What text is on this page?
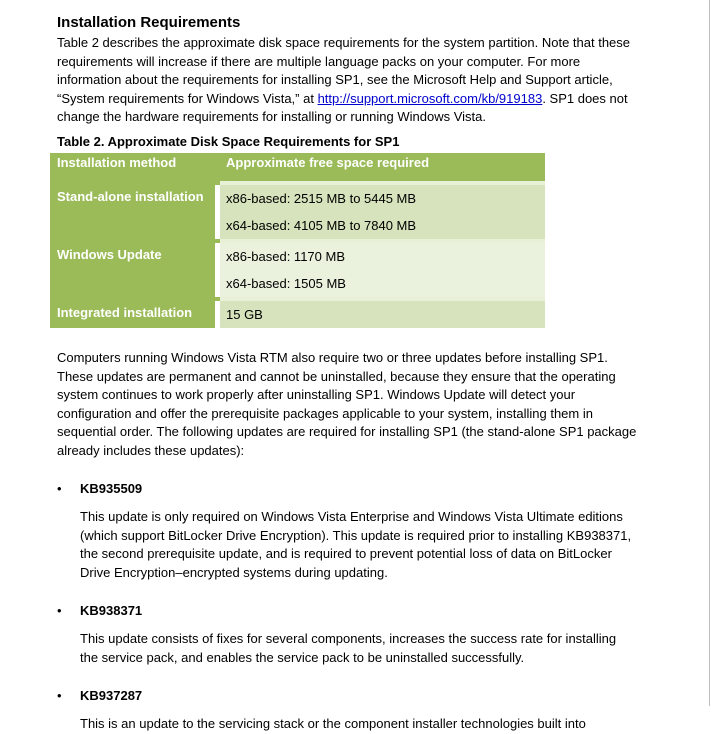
Installation Requirements

Table 2 describes the approximate disk space requirements for the system partition. Note that these requirements will increase if there are multiple language packs on your computer. For more information about the requirements for installing SP1, see the Microsoft Help and Support article, “System requirements for Windows Vista,” at http://support.microsoft.com/kb/919183. SP1 does not change the hardware requirements for installing or running Windows Vista.

Table 2. Approximate Disk Space Requirements for SP1

Installation method	Approximate free space required

Stand-alone installation	x86-based: 2515 MB to 5445 MB
	x64-based: 4105 MB to 7840 MB

Windows Update	x86-based: 1170 MB
	x64-based: 1505 MB

Integrated installation	15 GB

Computers running Windows Vista RTM also require two or three updates before installing SP1. These updates are permanent and cannot be uninstalled, because they ensure that the operating system continues to work properly after uninstalling SP1. Windows Update will detect your configuration and offer the prerequisite packages applicable to your system, installing them in sequential order. The following updates are required for installing SP1 (the stand-alone SP1 package already includes these updates):

• KB935509

This update is only required on Windows Vista Enterprise and Windows Vista Ultimate editions (which support BitLocker Drive Encryption). This update is required prior to installing KB938371, the second prerequisite update, and is required to prevent potential loss of data on BitLocker Drive Encryption–encrypted systems during updating.

• KB938371

This update consists of fixes for several components, increases the success rate for installing the service pack, and enables the service pack to be uninstalled successfully.

• KB937287

This is an update to the servicing stack or the component installer technologies built into
